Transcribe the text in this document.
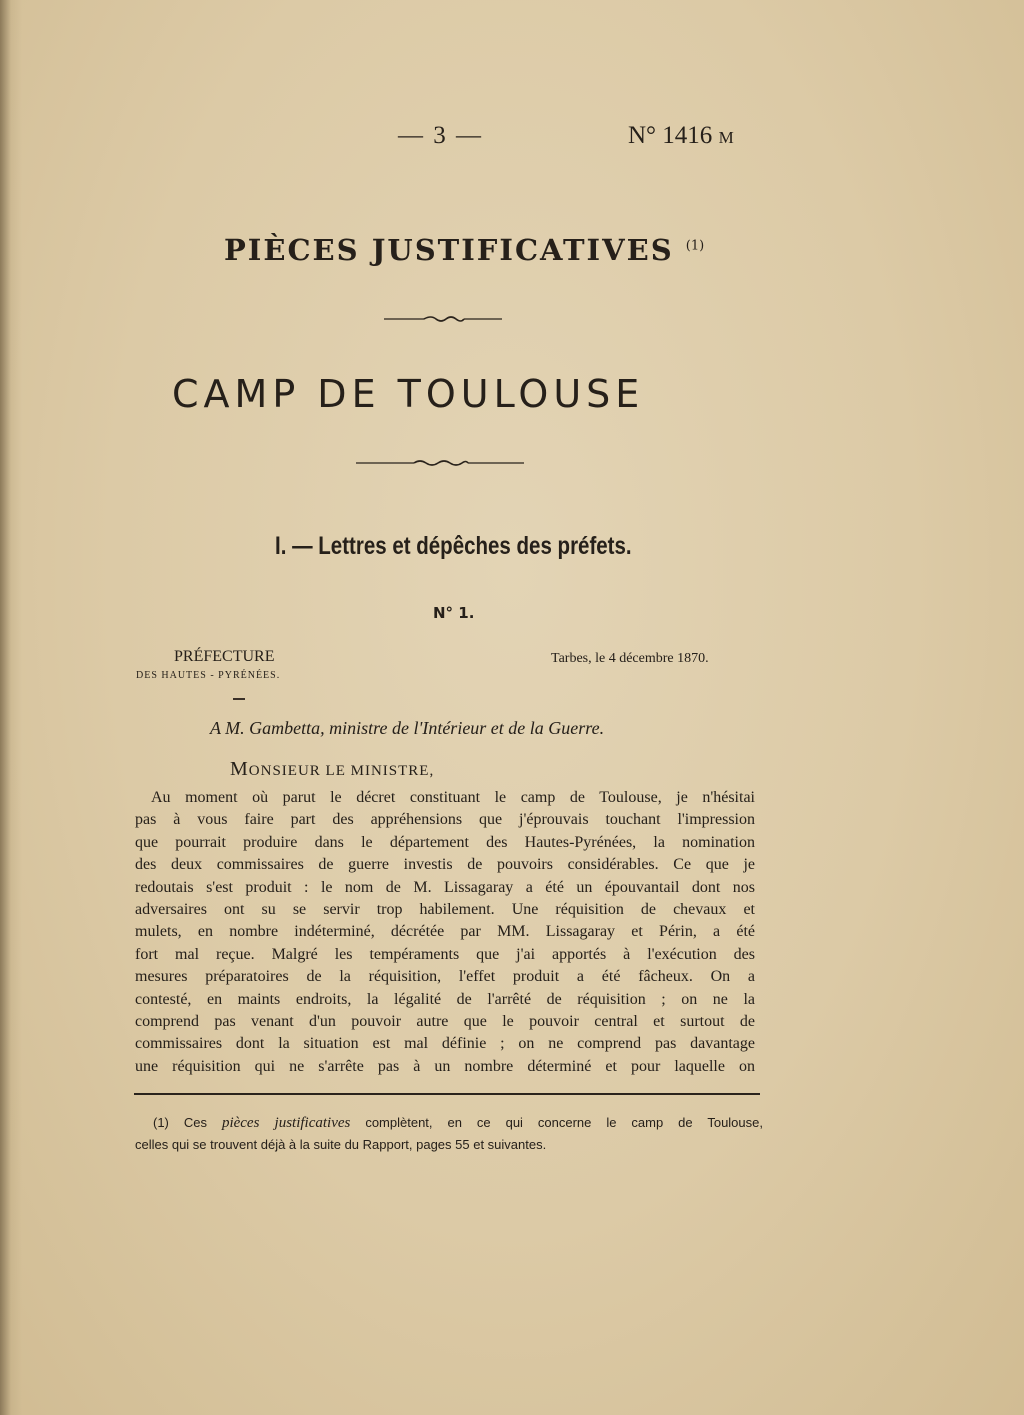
— 3 —	N° 1416 M
PIÈCES JUSTIFICATIVES $^{(1)}$
CAMP DE TOULOUSE
I. — Lettres et dépêches des préfets.
N° 1.
PRÉFECTURE
DES HAUTES - PYRÉNÉES.
Tarbes, le 4 décembre 1870.
A M. Gambetta, ministre de l'Intérieur et de la Guerre.
MONSIEUR LE MINISTRE,
Au moment où parut le décret constituant le camp de Toulouse, je n'hésitai
pas à vous faire part des appréhensions que j'éprouvais touchant l'impression
que pourrait produire dans le département des Hautes-Pyrénées, la nomination
des deux commissaires de guerre investis de pouvoirs considérables. Ce que je
redoutais s'est produit : le nom de M. Lissagaray a été un épouvantail dont nos
adversaires ont su se servir trop habilement. Une réquisition de chevaux et
mulets, en nombre indéterminé, décrétée par MM. Lissagaray et Périn, a été
fort mal reçue. Malgré les tempéraments que j'ai apportés à l'exécution des
mesures préparatoires de la réquisition, l'effet produit a été fâcheux. On a
contesté, en maints endroits, la légalité de l'arrêté de réquisition ; on ne la
comprend pas venant d'un pouvoir autre que le pouvoir central et surtout de
commissaires dont la situation est mal définie ; on ne comprend pas davantage
une réquisition qui ne s'arrête pas à un nombre déterminé et pour laquelle on
(1) Ces pièces justificatives complètent, en ce qui concerne le camp de Toulouse,
celles qui se trouvent déjà à la suite du Rapport, pages 55 et suivantes.
